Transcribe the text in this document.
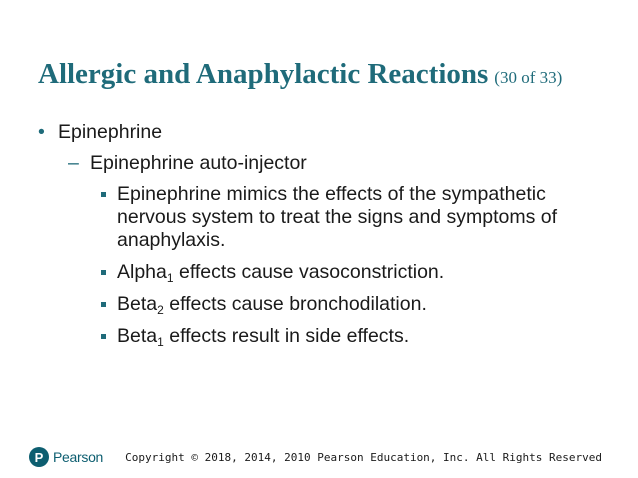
Allergic and Anaphylactic Reactions (30 of 33)
• Epinephrine
– Epinephrine auto-injector
Epinephrine mimics the effects of the sympathetic nervous system to treat the signs and symptoms of anaphylaxis.
Alpha$_1$ effects cause vasoconstriction.
Beta$_2$ effects cause bronchodilation.
Beta$_1$ effects result in side effects.
P Pearson Copyright © 2018, 2014, 2010 Pearson Education, Inc. All Rights Reserved
